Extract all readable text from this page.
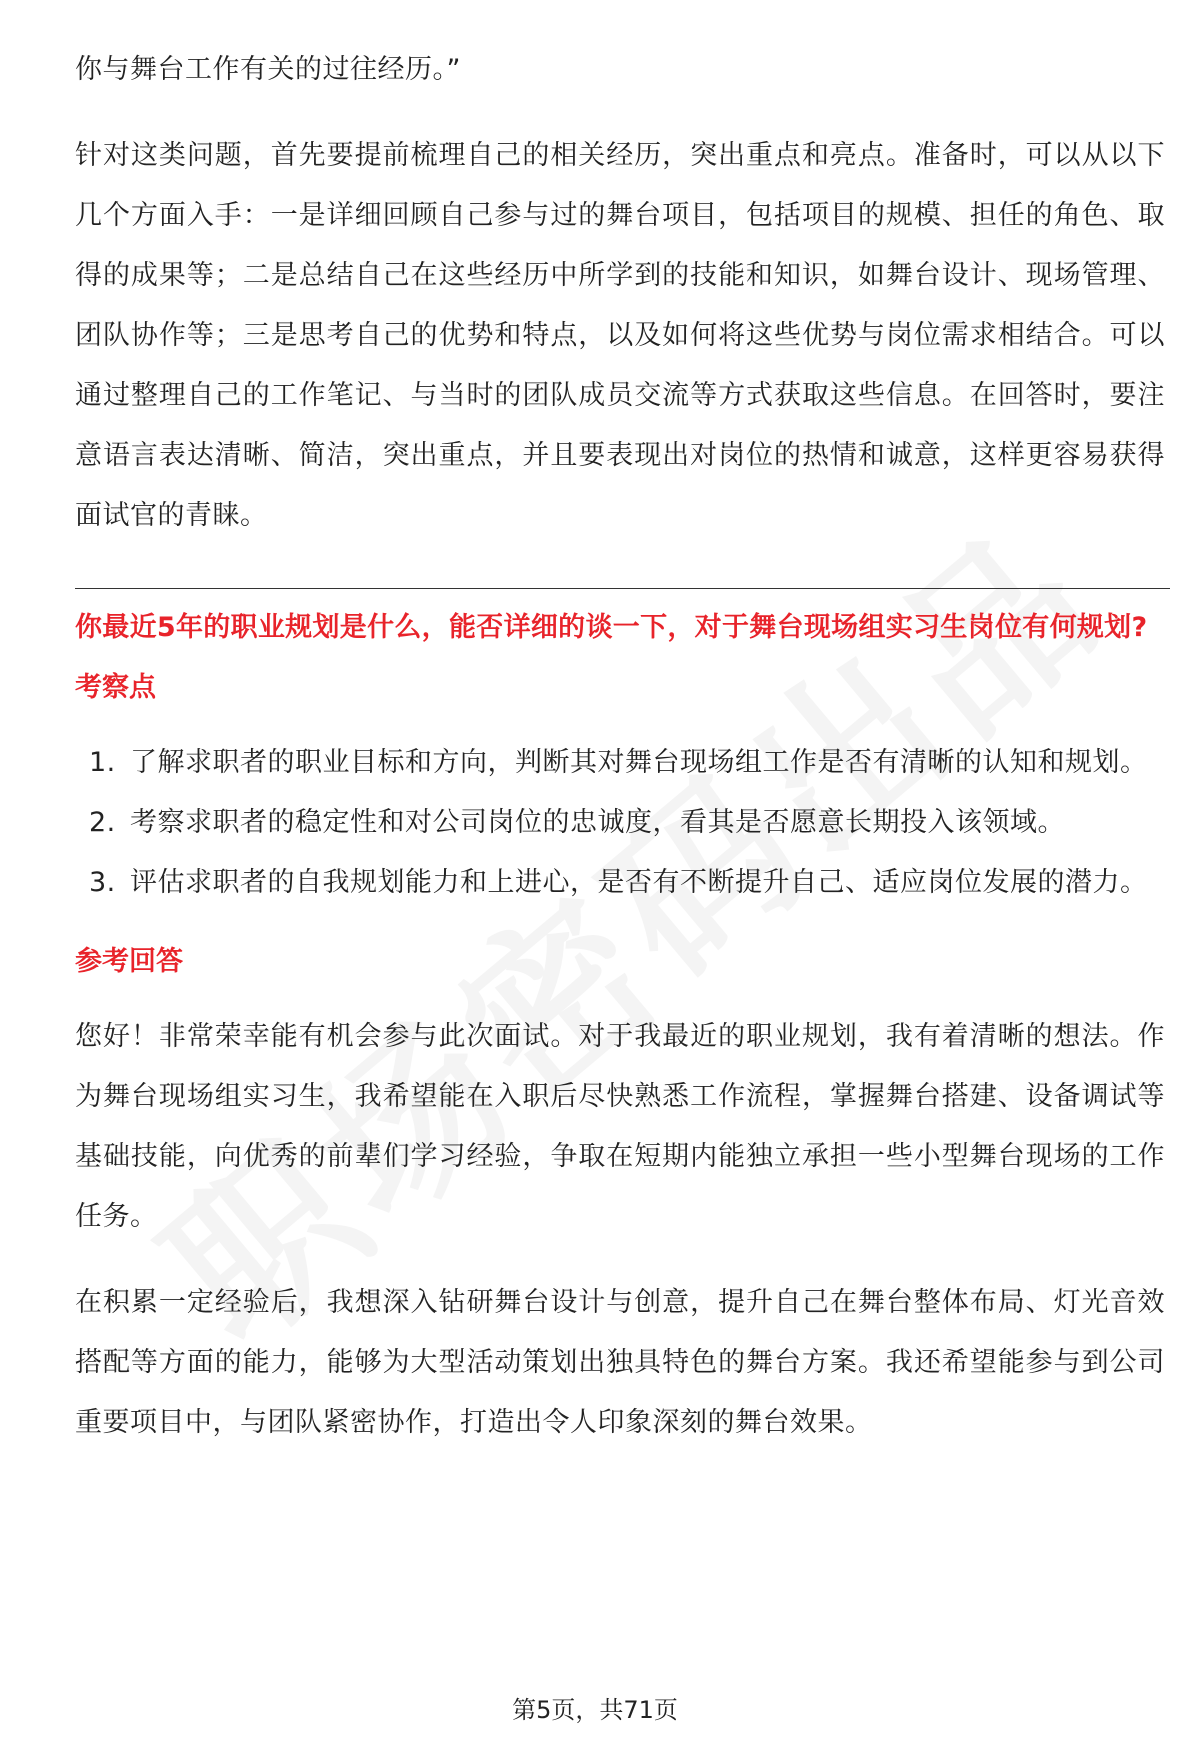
你与舞台工作有关的过往经历。”

针对这类问题，首先要提前梳理自己的相关经历，突出重点和亮点。准备时，可以从以下几个方面入手：一是详细回顾自己参与过的舞台项目，包括项目的规模、担任的角色、取得的成果等；二是总结自己在这些经历中所学到的技能和知识，如舞台设计、现场管理、团队协作等；三是思考自己的优势和特点，以及如何将这些优势与岗位需求相结合。可以通过整理自己的工作笔记、与当时的团队成员交流等方式获取这些信息。在回答时，要注意语言表达清晰、简洁，突出重点，并且要表现出对岗位的热情和诚意，这样更容易获得面试官的青睐。

你最近5年的职业规划是什么，能否详细的谈一下，对于舞台现场组实习生岗位有何规划?

考察点

1. 了解求职者的职业目标和方向，判断其对舞台现场组工作是否有清晰的认知和规划。
2. 考察求职者的稳定性和对公司岗位的忠诚度，看其是否愿意长期投入该领域。
3. 评估求职者的自我规划能力和上进心，是否有不断提升自己、适应岗位发展的潜力。

参考回答

您好！非常荣幸能有机会参与此次面试。对于我最近的职业规划，我有着清晰的想法。作为舞台现场组实习生，我希望能在入职后尽快熟悉工作流程，掌握舞台搭建、设备调试等基础技能，向优秀的前辈们学习经验，争取在短期内能独立承担一些小型舞台现场的工作任务。

在积累一定经验后，我想深入钻研舞台设计与创意，提升自己在舞台整体布局、灯光音效搭配等方面的能力，能够为大型活动策划出独具特色的舞台方案。我还希望能参与到公司重要项目中，与团队紧密协作，打造出令人印象深刻的舞台效果。

第5页，共71页
